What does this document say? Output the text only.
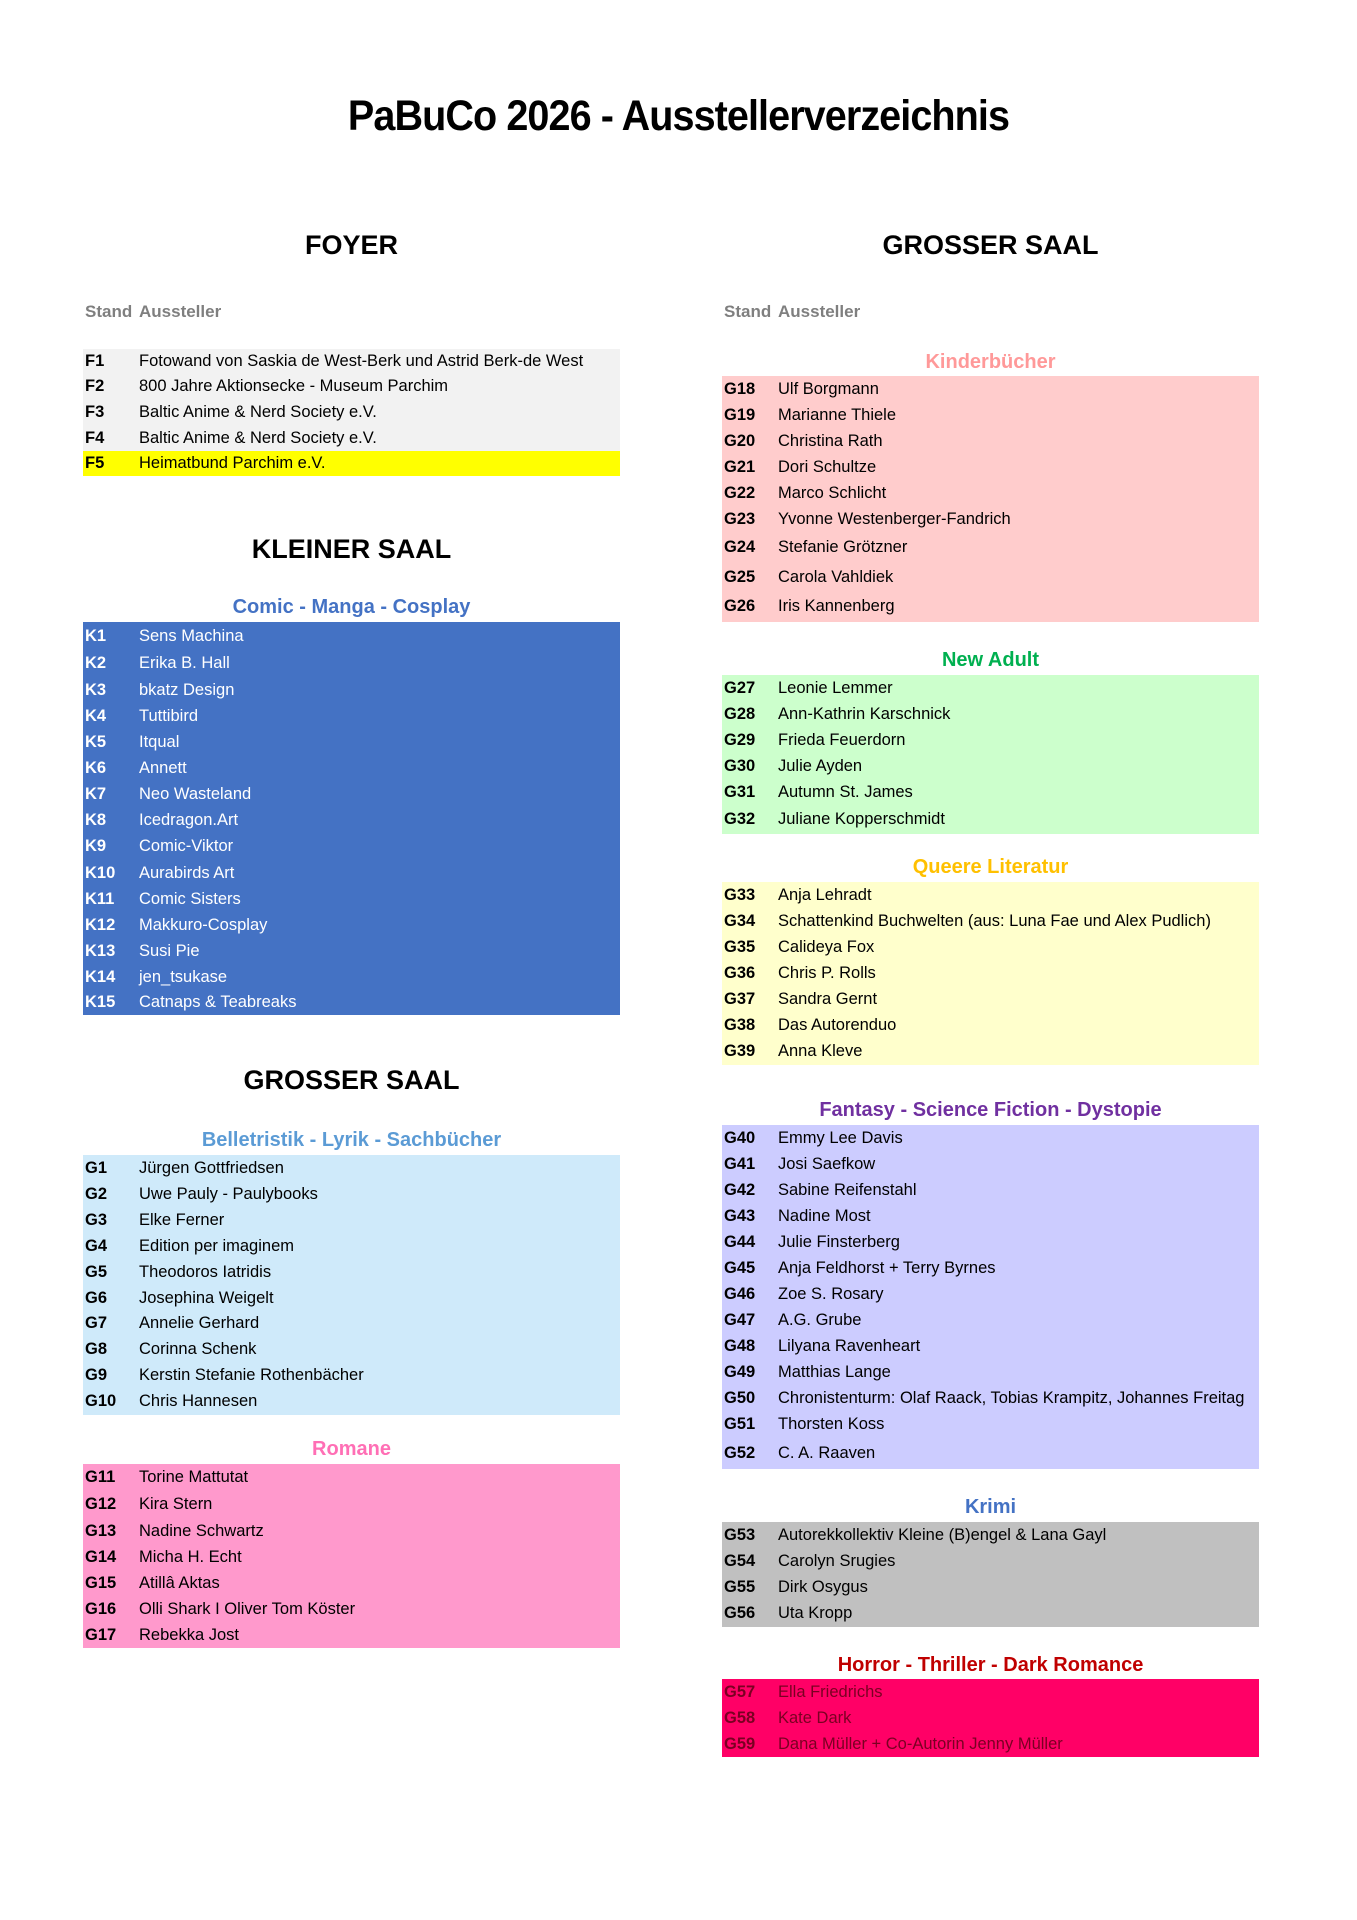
PaBuCo 2026 - Ausstellerverzeichnis
FOYER
Stand Aussteller
F1	Fotowand von Saskia de West-Berk und Astrid Berk-de West
F2	800 Jahre Aktionsecke - Museum Parchim
F3	Baltic Anime & Nerd Society e.V.
F4	Baltic Anime & Nerd Society e.V.
F5	Heimatbund Parchim e.V.
KLEINER SAAL
Comic - Manga - Cosplay
K1	Sens Machina
K2	Erika B. Hall
K3	bkatz Design
K4	Tuttibird
K5	Itqual
K6	Annett
K7	Neo Wasteland
K8	Icedragon.Art
K9	Comic-Viktor
K10	Aurabirds Art
K11	Comic Sisters
K12	Makkuro-Cosplay
K13	Susi Pie
K14	jen_tsukase
K15	Catnaps & Teabreaks
GROSSER SAAL
Belletristik - Lyrik - Sachbücher
G1	Jürgen Gottfriedsen
G2	Uwe Pauly - Paulybooks
G3	Elke Ferner
G4	Edition per imaginem
G5	Theodoros Iatridis
G6	Josephina Weigelt
G7	Annelie Gerhard
G8	Corinna Schenk
G9	Kerstin Stefanie Rothenbächer
G10	Chris Hannesen
Romane
G11	Torine Mattutat
G12	Kira Stern
G13	Nadine Schwartz
G14	Micha H. Echt
G15	Atillâ Aktas
G16	Olli Shark I Oliver Tom Köster
G17	Rebekka Jost
GROSSER SAAL
Stand Aussteller
Kinderbücher
G18	Ulf Borgmann
G19	Marianne Thiele
G20	Christina Rath
G21	Dori Schultze
G22	Marco Schlicht
G23	Yvonne Westenberger-Fandrich
G24	Stefanie Grötzner
G25	Carola Vahldiek
G26	Iris Kannenberg
New Adult
G27	Leonie Lemmer
G28	Ann-Kathrin Karschnick
G29	Frieda Feuerdorn
G30	Julie Ayden
G31	Autumn St. James
G32	Juliane Kopperschmidt
Queere Literatur
G33	Anja Lehradt
G34	Schattenkind Buchwelten (aus: Luna Fae und Alex Pudlich)
G35	Calideya Fox
G36	Chris P. Rolls
G37	Sandra Gernt
G38	Das Autorenduo
G39	Anna Kleve
Fantasy - Science Fiction - Dystopie
G40	Emmy Lee Davis
G41	Josi Saefkow
G42	Sabine Reifenstahl
G43	Nadine Most
G44	Julie Finsterberg
G45	Anja Feldhorst + Terry Byrnes
G46	Zoe S. Rosary
G47	A.G. Grube
G48	Lilyana Ravenheart
G49	Matthias Lange
G50	Chronistenturm: Olaf Raack, Tobias Krampitz, Johannes Freitag
G51	Thorsten Koss
G52	C. A. Raaven
Krimi
G53	Autorekkollektiv Kleine (B)engel & Lana Gayl
G54	Carolyn Srugies
G55	Dirk Osygus
G56	Uta Kropp
Horror - Thriller - Dark Romance
G57	Ella Friedrichs
G58	Kate Dark
G59	Dana Müller + Co-Autorin Jenny Müller
